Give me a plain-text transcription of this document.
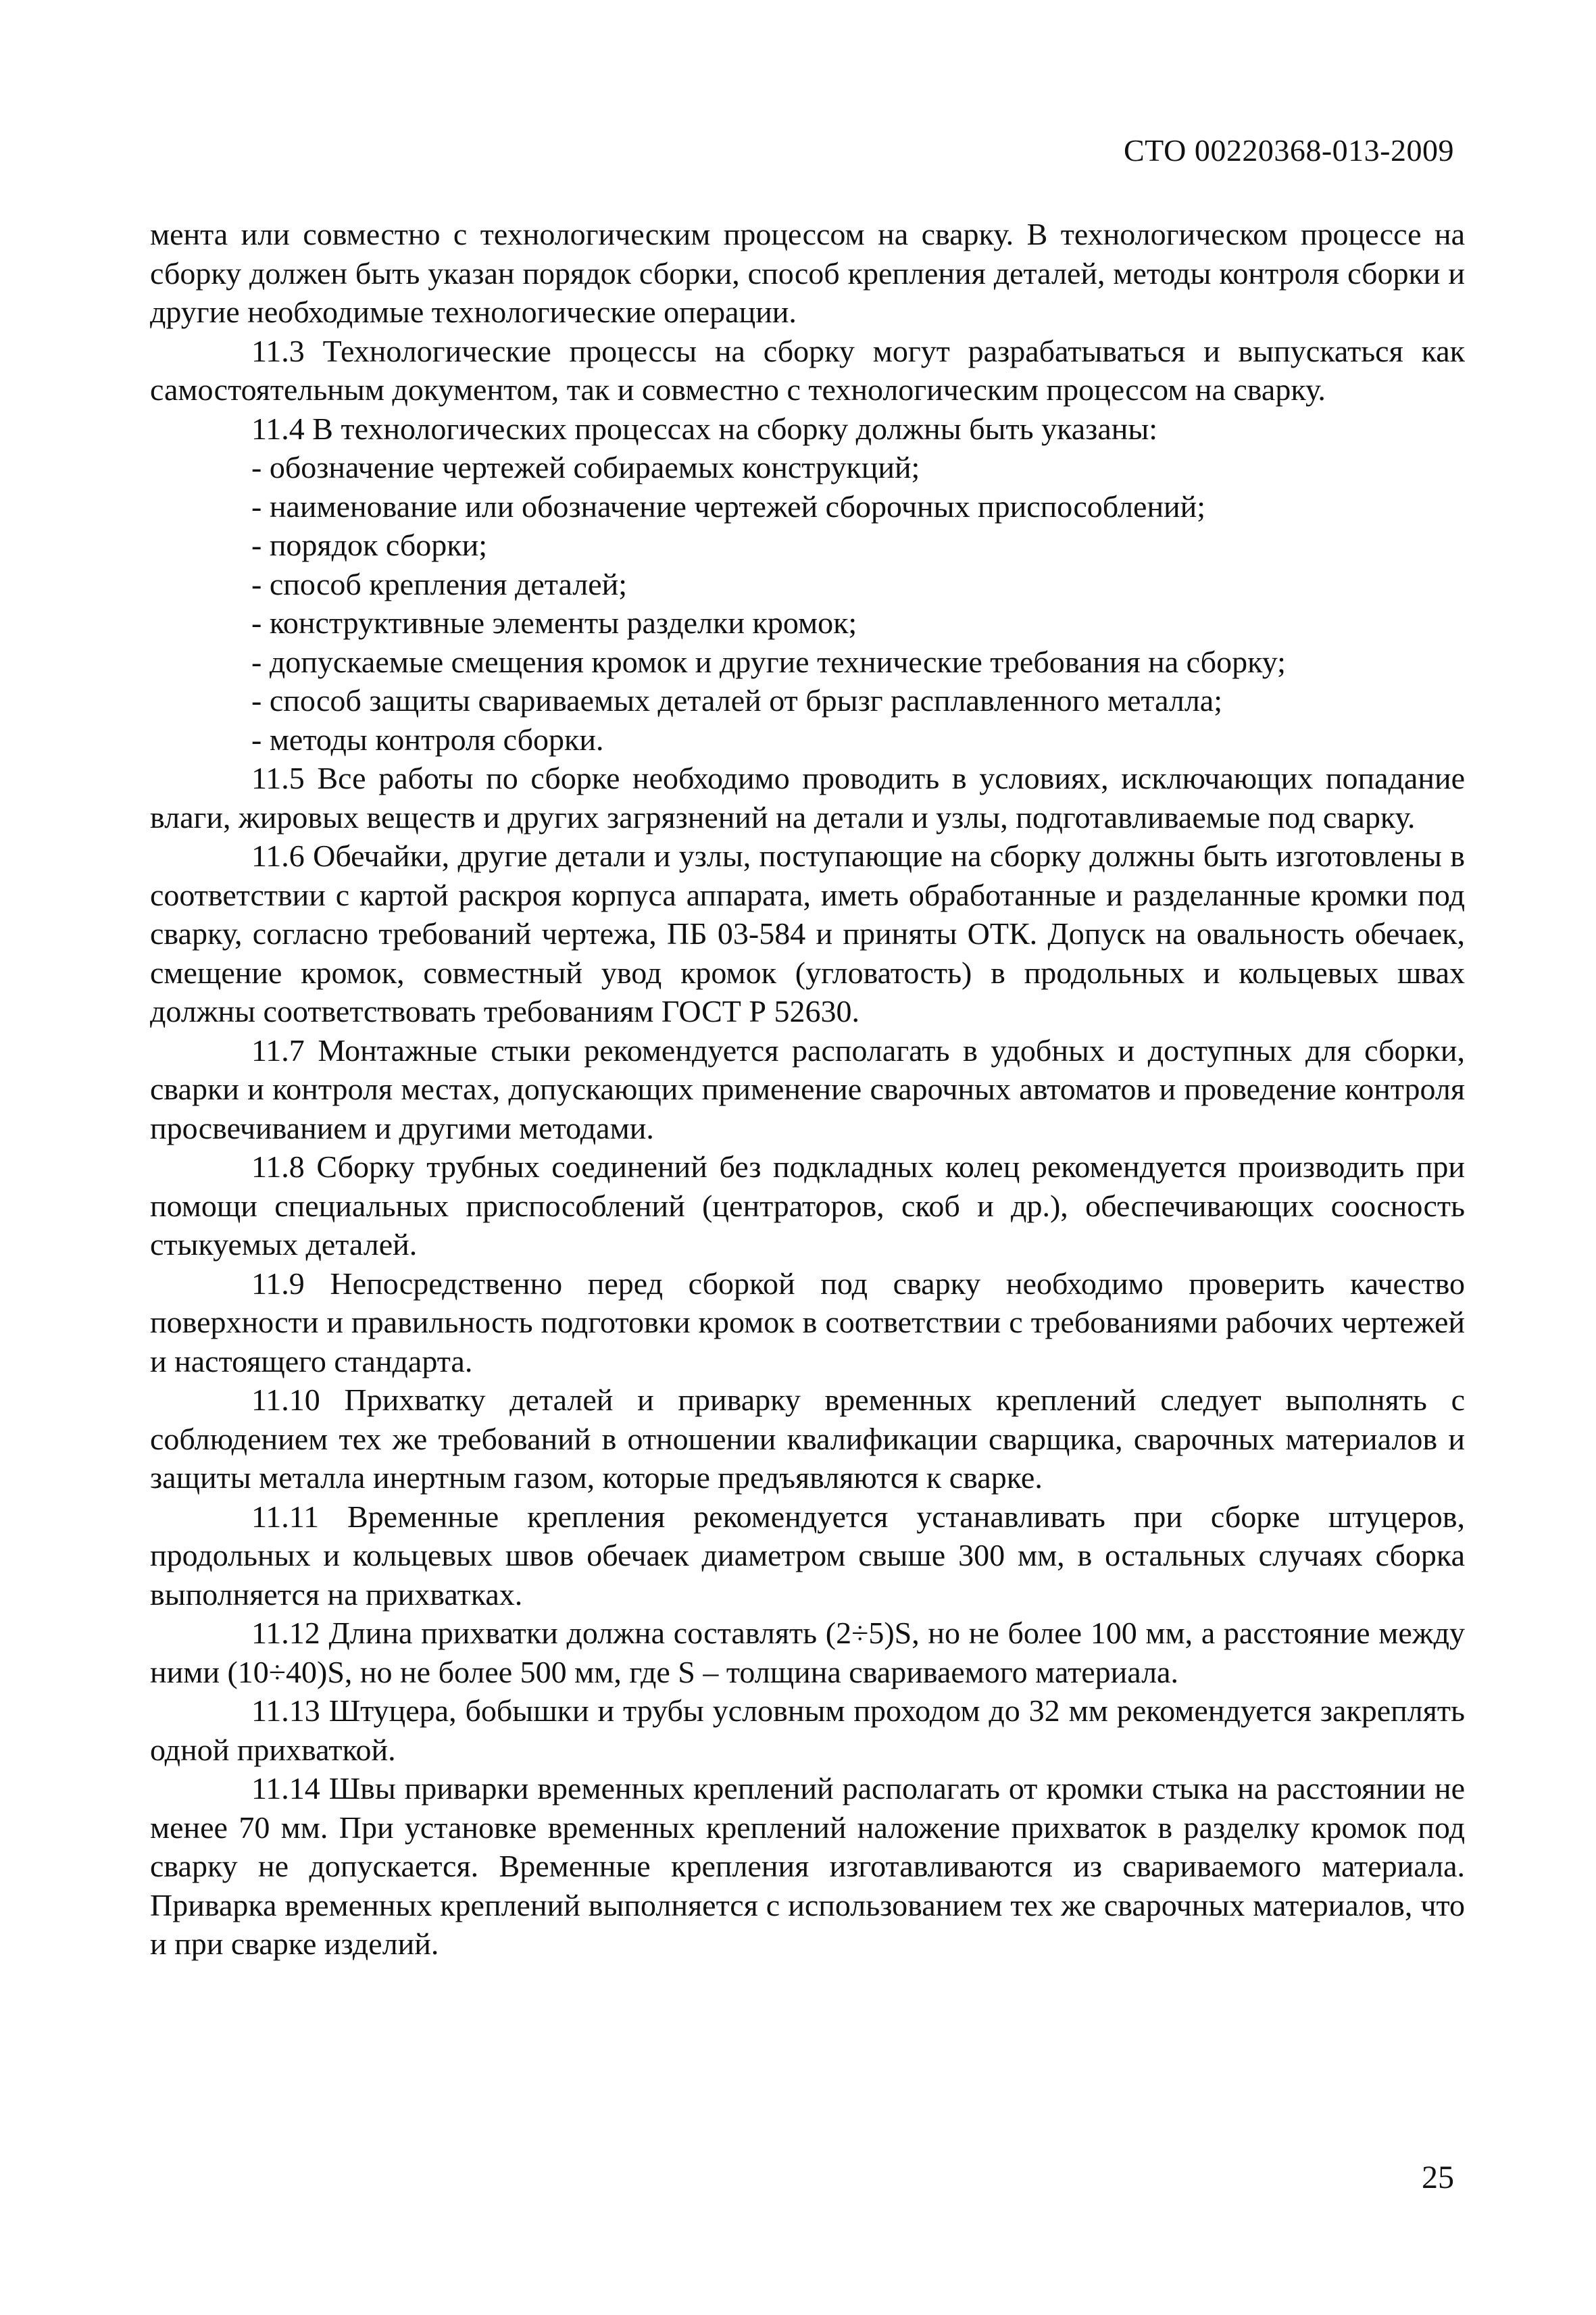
СТО 00220368-013-2009

мента или совместно с технологическим процессом на сварку. В технологическом процессе на сборку должен быть указан порядок сборки, способ крепления деталей, методы контроля сборки и другие необходимые технологические операции.

11.3 Технологические процессы на сборку могут разрабатываться и выпускаться как самостоятельным документом, так и совместно с технологическим процессом на сварку.

11.4 В технологических процессах на сборку должны быть указаны:

- обозначение чертежей собираемых конструкций;
- наименование или обозначение чертежей сборочных приспособлений;
- порядок сборки;
- способ крепления деталей;
- конструктивные элементы разделки кромок;
- допускаемые смещения кромок и другие технические требования на сборку;
- способ защиты свариваемых деталей от брызг расплавленного металла;
- методы контроля сборки.

11.5 Все работы по сборке необходимо проводить в условиях, исключающих попадание влаги, жировых веществ и других загрязнений на детали и узлы, подготавливаемые под сварку.

11.6 Обечайки, другие детали и узлы, поступающие на сборку должны быть изготовлены в соответствии с картой раскроя корпуса аппарата, иметь обработанные и разделанные кромки под сварку, согласно требований чертежа, ПБ 03-584 и приняты ОТК. Допуск на овальность обечаек, смещение кромок, совместный увод кромок (угловатость) в продольных и кольцевых швах должны соответствовать требованиям ГОСТ Р 52630.

11.7 Монтажные стыки рекомендуется располагать в удобных и доступных для сборки, сварки и контроля местах, допускающих применение сварочных автоматов и проведение контроля просвечиванием и другими методами.

11.8 Сборку трубных соединений без подкладных колец рекомендуется производить при помощи специальных приспособлений (центраторов, скоб и др.), обеспечивающих соосность стыкуемых деталей.

11.9 Непосредственно перед сборкой под сварку необходимо проверить качество поверхности и правильность подготовки кромок в соответствии с требованиями рабочих чертежей и настоящего стандарта.

11.10 Прихватку деталей и приварку временных креплений следует выполнять с соблюдением тех же требований в отношении квалификации сварщика, сварочных материалов и защиты металла инертным газом, которые предъявляются к сварке.

11.11 Временные крепления рекомендуется устанавливать при сборке штуцеров, продольных и кольцевых швов обечаек диаметром свыше 300 мм, в остальных случаях сборка выполняется на прихватках.

11.12 Длина прихватки должна составлять (2÷5)S, но не более 100 мм, а расстояние между ними (10÷40)S, но не более 500 мм, где S – толщина свариваемого материала.

11.13 Штуцера, бобышки и трубы условным проходом до 32 мм рекомендуется закреплять одной прихваткой.

11.14 Швы приварки временных креплений располагать от кромки стыка на расстоянии не менее 70 мм. При установке временных креплений наложение прихваток в разделку кромок под сварку не допускается. Временные крепления изготавливаются из свариваемого материала. Приварка временных креплений выполняется с использованием тех же сварочных материалов, что и при сварке изделий.

25
